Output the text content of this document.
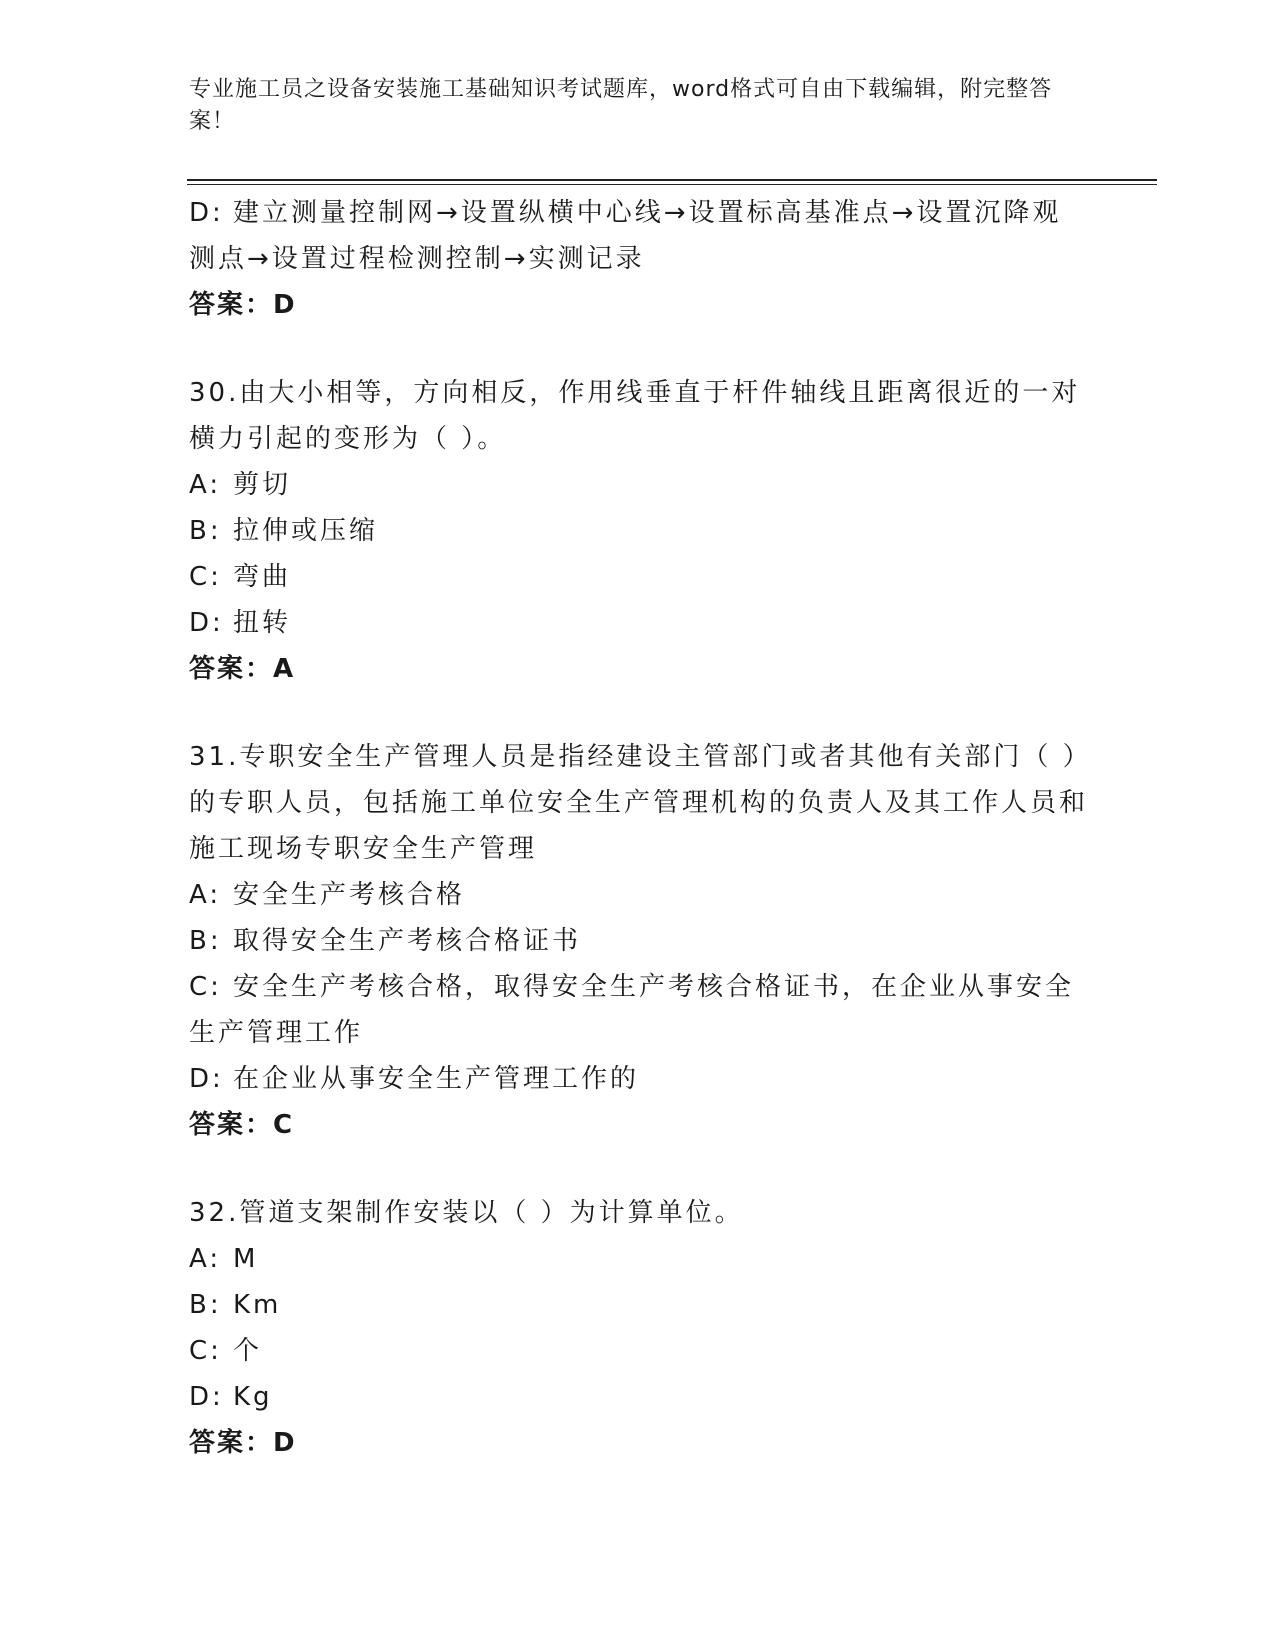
专业施工员之设备安装施工基础知识考试题库，word格式可自由下载编辑，附完整答案！

D: 建立测量控制网→设置纵横中心线→设置标高基准点→设置沉降观测点→设置过程检测控制→实测记录

答案：D

30.由大小相等，方向相反，作用线垂直于杆件轴线且距离很近的一对横力引起的变形为（ ）。

A: 剪切

B: 拉伸或压缩

C: 弯曲

D: 扭转

答案：A

31.专职安全生产管理人员是指经建设主管部门或者其他有关部门（ ）的专职人员，包括施工单位安全生产管理机构的负责人及其工作人员和施工现场专职安全生产管理

A: 安全生产考核合格

B: 取得安全生产考核合格证书

C: 安全生产考核合格，取得安全生产考核合格证书，在企业从事安全生产管理工作

D: 在企业从事安全生产管理工作的

答案：C

32.管道支架制作安装以（ ）为计算单位。

A: M

B: Km

C: 个

D: Kg

答案：D
